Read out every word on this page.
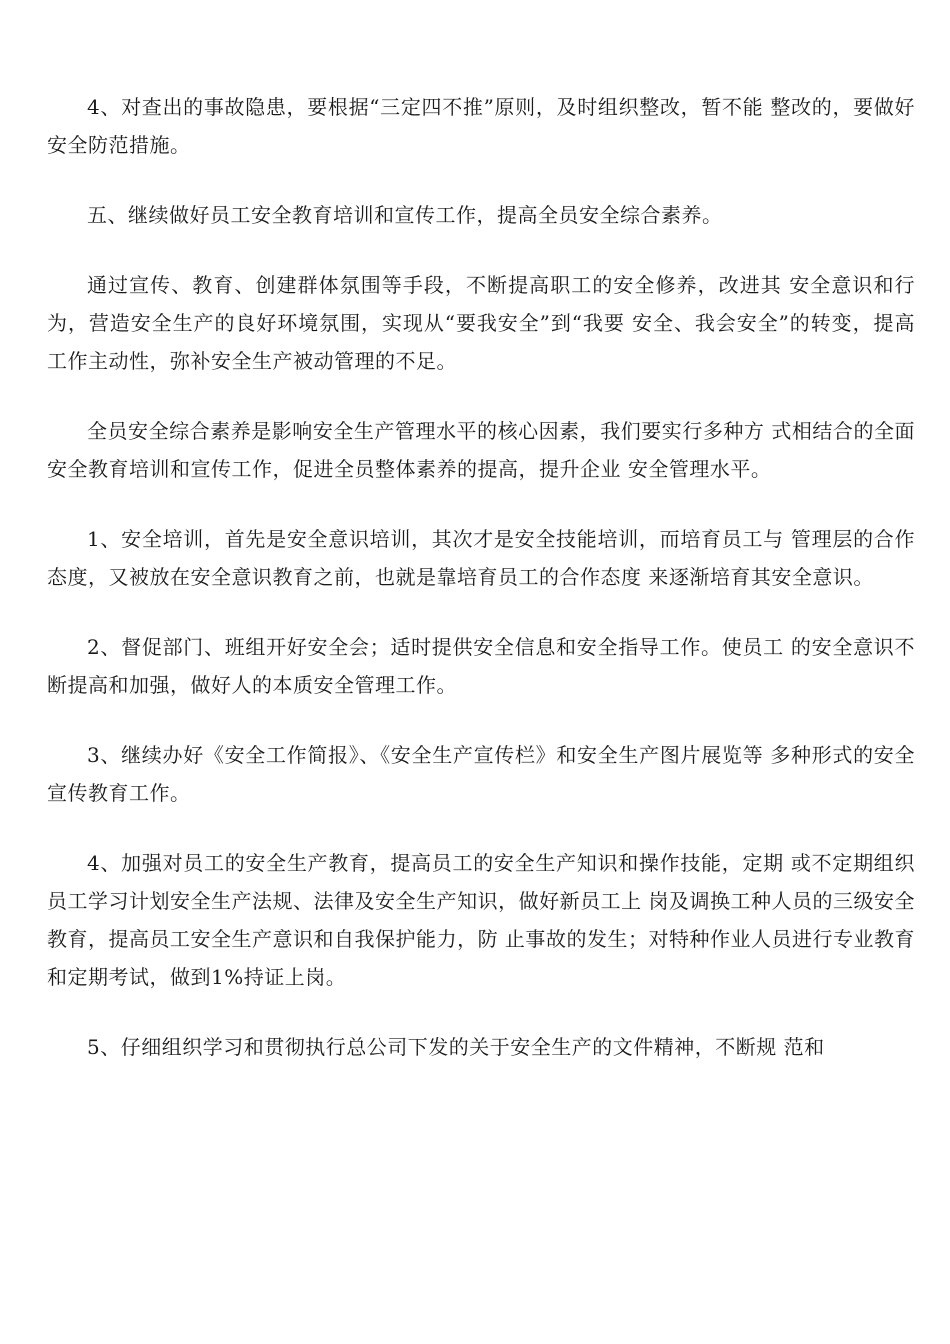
4、对查出的事故隐患，要根据“三定四不推”原则，及时组织整改，暂不能 整改的，要做好安全防范措施。

五、继续做好员工安全教育培训和宣传工作，提高全员安全综合素养。

通过宣传、教育、创建群体氛围等手段，不断提高职工的安全修养，改进其 安全意识和行为，营造安全生产的良好环境氛围，实现从“要我安全”到“我要 安全、我会安全”的转变，提高工作主动性，弥补安全生产被动管理的不足。

全员安全综合素养是影响安全生产管理水平的核心因素，我们要实行多种方 式相结合的全面安全教育培训和宣传工作，促进全员整体素养的提高，提升企业 安全管理水平。

1、安全培训，首先是安全意识培训，其次才是安全技能培训，而培育员工与 管理层的合作态度，又被放在安全意识教育之前，也就是靠培育员工的合作态度 来逐渐培育其安全意识。

2、督促部门、班组开好安全会；适时提供安全信息和安全指导工作。使员工 的安全意识不断提高和加强，做好人的本质安全管理工作。

3、继续办好《安全工作简报》、《安全生产宣传栏》和安全生产图片展览等 多种形式的安全宣传教育工作。

4、加强对员工的安全生产教育，提高员工的安全生产知识和操作技能，定期 或不定期组织员工学习计划安全生产法规、法律及安全生产知识，做好新员工上 岗及调换工种人员的三级安全教育，提高员工安全生产意识和自我保护能力，防 止事故的发生；对特种作业人员进行专业教育和定期考试，做到1%持证上岗。

5、仔细组织学习和贯彻执行总公司下发的关于安全生产的文件精神，不断规 范和
